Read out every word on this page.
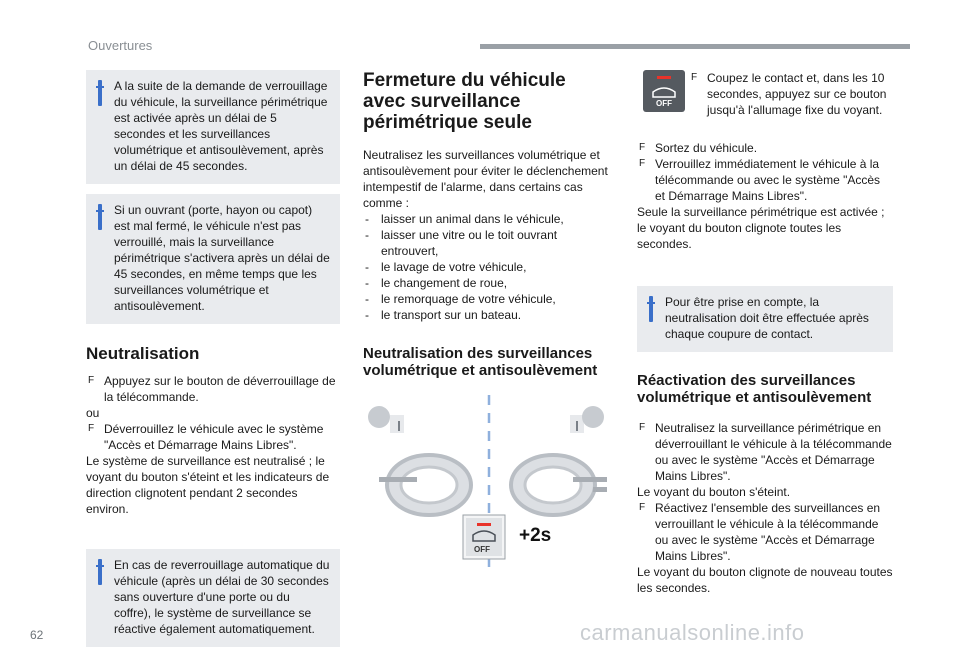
Ouvertures
A la suite de la demande de verrouillage du véhicule, la surveillance périmétrique est activée après un délai de 5 secondes et les surveillances volumétrique et antisoulèvement, après un délai de 45 secondes.
Si un ouvrant (porte, hayon ou capot) est mal fermé, le véhicule n'est pas verrouillé, mais la surveillance périmétrique s'activera après un délai de 45 secondes, en même temps que les surveillances volumétrique et antisoulèvement.
Neutralisation
F Appuyez sur le bouton de déverrouillage de la télécommande.
ou
F Déverrouillez le véhicule avec le système "Accès et Démarrage Mains Libres".
Le système de surveillance est neutralisé ; le voyant du bouton s'éteint et les indicateurs de direction clignotent pendant 2 secondes environ.
En cas de reverrouillage automatique du véhicule (après un délai de 30 secondes sans ouverture d'une porte ou du coffre), le système de surveillance se réactive également automatiquement.
Fermeture du véhicule avec surveillance périmétrique seule
Neutralisez les surveillances volumétrique et antisoulèvement pour éviter le déclenchement intempestif de l'alarme, dans certains cas comme :
- laisser un animal dans le véhicule,
- laisser une vitre ou le toit ouvrant entrouvert,
- le lavage de votre véhicule,
- le changement de roue,
- le remorquage de votre véhicule,
- le transport sur un bateau.
Neutralisation des surveillances volumétrique et antisoulèvement
OFF
+2s
OFF
F Coupez le contact et, dans les 10 secondes, appuyez sur ce bouton jusqu'à l'allumage fixe du voyant.
F Sortez du véhicule.
F Verrouillez immédiatement le véhicule à la télécommande ou avec le système "Accès et Démarrage Mains Libres".
Seule la surveillance périmétrique est activée ; le voyant du bouton clignote toutes les secondes.
Pour être prise en compte, la neutralisation doit être effectuée après chaque coupure de contact.
Réactivation des surveillances volumétrique et antisoulèvement
F Neutralisez la surveillance périmétrique en déverrouillant le véhicule à la télécommande ou avec le système "Accès et Démarrage Mains Libres".
Le voyant du bouton s'éteint.
F Réactivez l'ensemble des surveillances en verrouillant le véhicule à la télécommande ou avec le système "Accès et Démarrage Mains Libres".
Le voyant du bouton clignote de nouveau toutes les secondes.
62	carmanualsonline.info
